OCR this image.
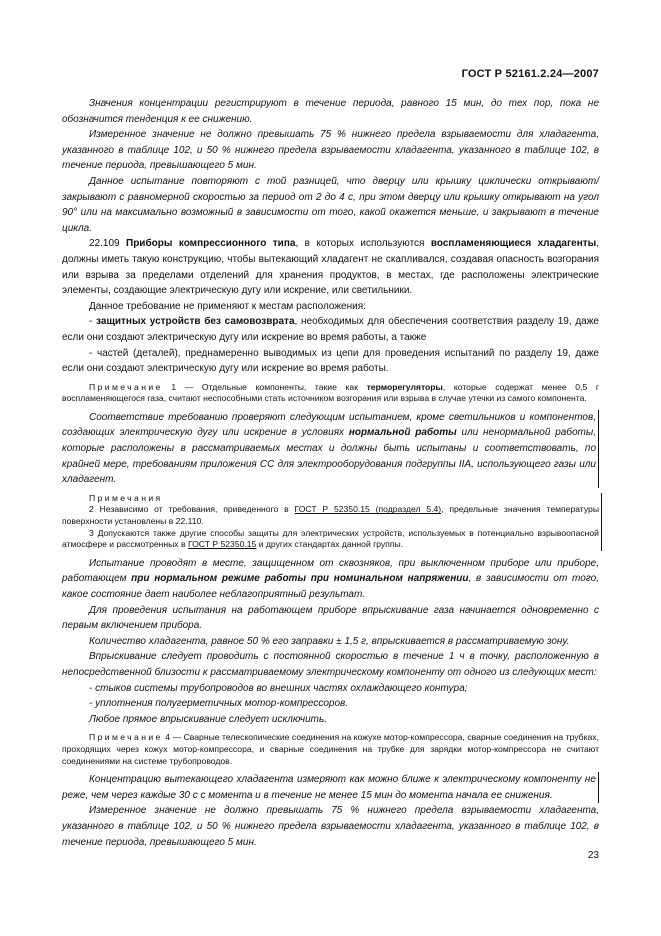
ГОСТ Р 52161.2.24—2007

Значения концентрации регистрируют в течение периода, равного 15 мин, до тех пор, пока не обозначится тенденция к ее снижению.

Измеренное значение не должно превышать 75 % нижнего предела взрываемости для хладагента, указанного в таблице 102, и 50 % нижнего предела взрываемости хладагента, указанного в таблице 102, в течение периода, превышающего 5 мин.

Данное испытание повторяют с той разницей, что дверцу или крышку циклически открывают/закрывают с равномерной скоростью за период от 2 до 4 с, при этом дверцу или крышку открывают на угол 90° или на максимально возможный в зависимости от того, какой окажется меньше, и закрывают в течение цикла.

22.109 Приборы компрессионного типа, в которых используются воспламеняющиеся хладагенты, должны иметь такую конструкцию, чтобы вытекающий хладагент не скапливался, создавая опасность возгорания или взрыва за пределами отделений для хранения продуктов, в местах, где расположены электрические элементы, создающие электрическую дугу или искрение, или светильники.

Данное требование не применяют к местам расположения:

- защитных устройств без самовозврата, необходимых для обеспечения соответствия разделу 19, даже если они создают электрическую дугу или искрение во время работы, а также

- частей (деталей), преднамеренно выводимых из цепи для проведения испытаний по разделу 19, даже если они создают электрическую дугу или искрение во время работы.

Примечание 1 — Отдельные компоненты, такие как терморегуляторы, которые содержат менее 0,5 г воспламеняющегося газа, считают неспособными стать источником возгорания или взрыва в случае утечки из самого компонента.

Соответствие требованию проверяют следующим испытанием, кроме светильников и компонентов, создающих электрическую дугу или искрение в условиях нормальной работы или ненормальной работы, которые расположены в рассматриваемых местах и должны быть испытаны и соответствовать, по крайней мере, требованиям приложения СС для электрооборудования подгруппы IIA, использующего газы или хладагент.

Примечания

2 Независимо от требования, приведенного в ГОСТ Р 52350.15 (подраздел 5.4), предельные значения температуры поверхности установлены в 22.110.

3 Допускаются также другие способы защиты для электрических устройств, используемых в потенциально взрывоопасной атмосфере и рассмотренных в ГОСТ Р 52350.15 и других стандартах данной группы.

Испытание проводят в месте, защищенном от сквозняков, при выключенном приборе или приборе, работающем при нормальном режиме работы при номинальном напряжении, в зависимости от того, какое состояние дает наиболее неблагоприятный результат.

Для проведения испытания на работающем приборе впрыскивание газа начинается одновременно с первым включением прибора.

Количество хладагента, равное 50 % его заправки ± 1,5 г, впрыскивается в рассматриваемую зону.

Впрыскивание следует проводить с постоянной скоростью в течение 1 ч в точку, расположенную в непосредственной близости к рассматриваемому электрическому компоненту от одного из следующих мест:

- стыков системы трубопроводов во внешних частях охлаждающего контура;

- уплотнения полугерметичных мотор-компрессоров.

Любое прямое впрыскивание следует исключить.

Примечание 4 — Сварные телескопические соединения на кожухе мотор-компрессора, сварные соединения на трубках, проходящих через кожух мотор-компрессора, и сварные соединения на трубке для зарядки мотор-компрессора не считают соединениями на системе трубопроводов.

Концентрацию вытекающего хладагента измеряют как можно ближе к электрическому компоненту не реже, чем через каждые 30 с с момента и в течение не менее 15 мин до момента начала ее снижения.

Измеренное значение не должно превышать 75 % нижнего предела взрываемости хладагента, указанного в таблице 102, и 50 % нижнего предела взрываемости хладагента, указанного в таблице 102, в течение периода, превышающего 5 мин.

23
